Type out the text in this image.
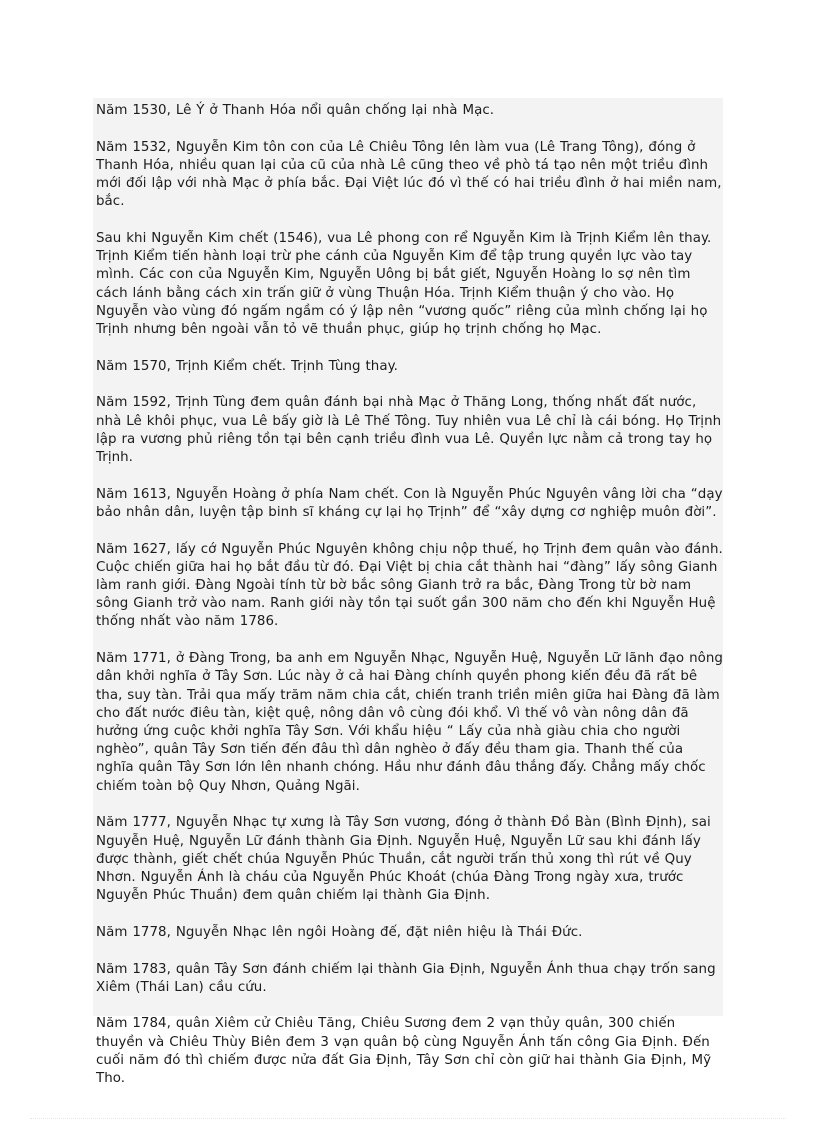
Năm 1530, Lê Ý ở Thanh Hóa nổi quân chống lại nhà Mạc.

Năm 1532, Nguyễn Kim tôn con của Lê Chiêu Tông lên làm vua (Lê Trang Tông), đóng ở Thanh Hóa, nhiều quan lại của cũ của nhà Lê cũng theo về phò tá tạo nên một triều đình mới đối lập với nhà Mạc ở phía bắc. Đại Việt lúc đó vì thế có hai triều đình ở hai miền nam, bắc.

Sau khi Nguyễn Kim chết (1546), vua Lê phong con rể Nguyễn Kim là Trịnh Kiểm lên thay. Trịnh Kiểm tiến hành loại trừ phe cánh của Nguyễn Kim để tập trung quyền lực vào tay mình. Các con của Nguyễn Kim, Nguyễn Uông bị bắt giết, Nguyễn Hoàng lo sợ nên tìm cách lánh bằng cách xin trấn giữ ở vùng Thuận Hóa. Trịnh Kiểm thuận ý cho vào. Họ Nguyễn vào vùng đó ngấm ngầm có ý lập nên “vương quốc” riêng của mình chống lại họ Trịnh nhưng bên ngoài vẫn tỏ vẽ thuần phục, giúp họ trịnh chống họ Mạc.

Năm 1570, Trịnh Kiểm chết. Trịnh Tùng thay.

Năm 1592, Trịnh Tùng đem quân đánh bại nhà Mạc ở Thăng Long, thống nhất đất nước, nhà Lê khôi phục, vua Lê bấy giờ là Lê Thế Tông. Tuy nhiên vua Lê chỉ là cái bóng. Họ Trịnh lập ra vương phủ riêng tồn tại bên cạnh triều đình vua Lê. Quyền lực nằm cả trong tay họ Trịnh.

Năm 1613, Nguyễn Hoàng ở phía Nam chết. Con là Nguyễn Phúc Nguyên vâng lời cha “dạy bảo nhân dân, luyện tập binh sĩ kháng cự lại họ Trịnh” để “xây dựng cơ nghiệp muôn đời”.

Năm 1627, lấy cớ Nguyễn Phúc Nguyên không chịu nộp thuế, họ Trịnh đem quân vào đánh. Cuộc chiến giữa hai họ bắt đầu từ đó. Đại Việt bị chia cắt thành hai “đàng” lấy sông Gianh làm ranh giới. Đàng Ngoài tính từ bờ bắc sông Gianh trở ra bắc, Đàng Trong từ bờ nam sông Gianh trở vào nam. Ranh giới này tồn tại suốt gần 300 năm cho đến khi Nguyễn Huệ thống nhất vào năm 1786.

Năm 1771, ở Đàng Trong, ba anh em Nguyễn Nhạc, Nguyễn Huệ, Nguyễn Lữ lãnh đạo nông dân khởi nghĩa ở Tây Sơn. Lúc này ở cả hai Đàng chính quyền phong kiến đều đã rất bê tha, suy tàn. Trải qua mấy trăm năm chia cắt, chiến tranh triền miên giữa hai Đàng đã làm cho đất nước điêu tàn, kiệt quệ, nông dân vô cùng đói khổ. Vì thế vô vàn nông dân đã hưởng ứng cuộc khởi nghĩa Tây Sơn. Với khẩu hiệu “ Lấy của nhà giàu chia cho người nghèo”, quân Tây Sơn tiến đến đâu thì dân nghèo ở đấy đều tham gia. Thanh thế của nghĩa quân Tây Sơn lớn lên nhanh chóng. Hầu như đánh đâu thắng đấy. Chẳng mấy chốc chiếm toàn bộ Quy Nhơn, Quảng Ngãi.

Năm 1777, Nguyễn Nhạc tự xưng là Tây Sơn vương, đóng ở thành Đồ Bàn (Bình Định), sai Nguyễn Huệ, Nguyễn Lữ đánh thành Gia Định. Nguyễn Huệ, Nguyễn Lữ sau khi đánh lấy được thành, giết chết chúa Nguyễn Phúc Thuần, cắt người trấn thủ xong thì rút về Quy Nhơn. Nguyễn Ánh là cháu của Nguyễn Phúc Khoát (chúa Đàng Trong ngày xưa, trước Nguyễn Phúc Thuần) đem quân chiếm lại thành Gia Định.

Năm 1778, Nguyễn Nhạc lên ngôi Hoàng đế, đặt niên hiệu là Thái Đức.

Năm 1783, quân Tây Sơn đánh chiếm lại thành Gia Định, Nguyễn Ánh thua chạy trốn sang Xiêm (Thái Lan) cầu cứu.

Năm 1784, quân Xiêm cử Chiêu Tăng, Chiêu Sương đem 2 vạn thủy quân, 300 chiến thuyền và Chiêu Thùy Biên đem 3 vạn quân bộ cùng Nguyễn Ánh tấn công Gia Định. Đến cuối năm đó thì chiếm được nửa đất Gia Định, Tây Sơn chỉ còn giữ hai thành Gia Định, Mỹ Tho.
